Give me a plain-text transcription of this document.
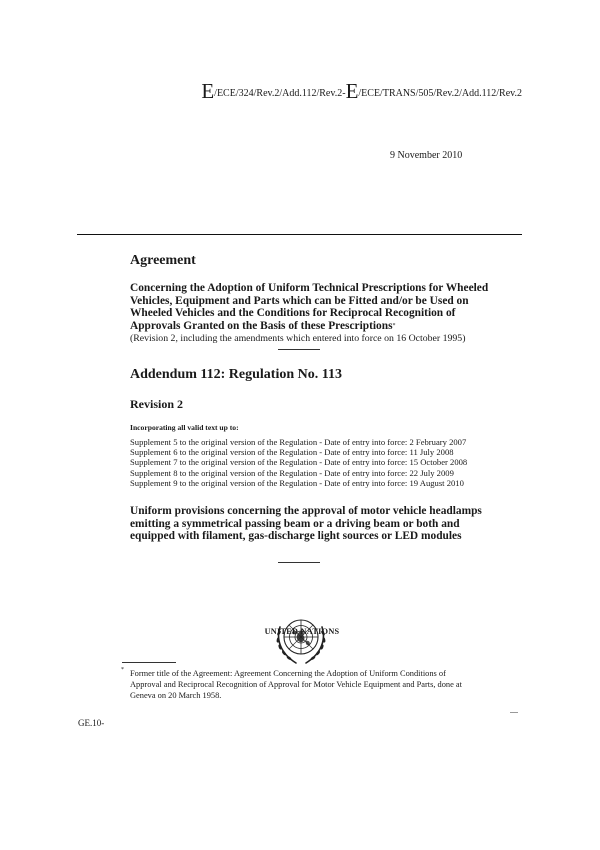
E/ECE/324/Rev.2/Add.112/Rev.2-E/ECE/TRANS/505/Rev.2/Add.112/Rev.2
9 November 2010
Agreement
Concerning the Adoption of Uniform Technical Prescriptions for Wheeled Vehicles, Equipment and Parts which can be Fitted and/or be Used on Wheeled Vehicles and the Conditions for Reciprocal Recognition of Approvals Granted on the Basis of these Prescriptions*
(Revision 2, including the amendments which entered into force on 16 October 1995)
Addendum 112: Regulation No. 113
Revision 2
Incorporating all valid text up to:
Supplement 5 to the original version of the Regulation - Date of entry into force: 2 February 2007
Supplement 6 to the original version of the Regulation - Date of entry into force: 11 July 2008
Supplement 7 to the original version of the Regulation - Date of entry into force: 15 October 2008
Supplement 8 to the original version of the Regulation - Date of entry into force: 22 July 2009
Supplement 9 to the original version of the Regulation - Date of entry into force: 19 August 2010
Uniform provisions concerning the approval of motor vehicle headlamps emitting a symmetrical passing beam or a driving beam or both and equipped with filament, gas-discharge light sources or LED modules
UNITED NATIONS
* Former title of the Agreement: Agreement Concerning the Adoption of Uniform Conditions of Approval and Reciprocal Recognition of Approval for Motor Vehicle Equipment and Parts, done at Geneva on 20 March 1958.
GE.10-
